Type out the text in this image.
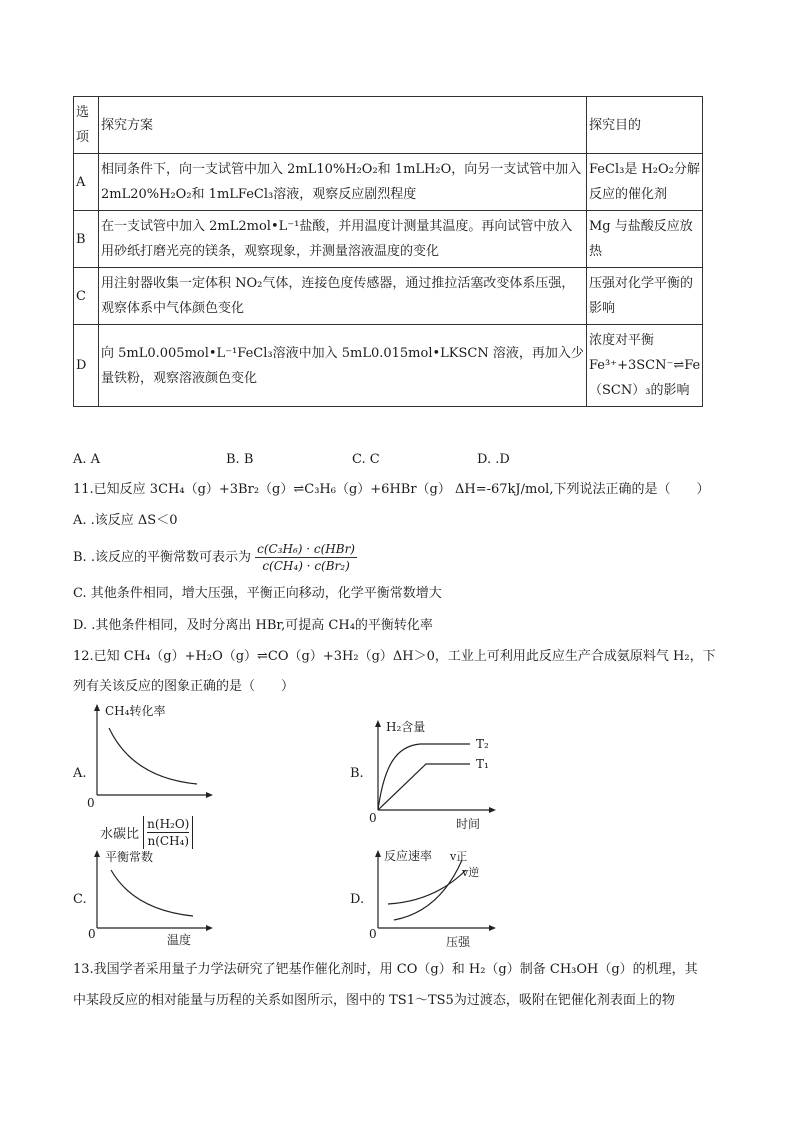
选项	探究方案	探究目的
A	相同条件下，向一支试管中加入 2mL10%H₂O₂和 1mLH₂O，向另一支试管中加入 2mL20%H₂O₂和 1mLFeCl₃溶液，观察反应剧烈程度	FeCl₃是 H₂O₂分解反应的催化剂
B	在一支试管中加入 2mL2mol•L⁻¹盐酸，并用温度计测量其温度。再向试管中放入用砂纸打磨光亮的镁条，观察现象，并测量溶液温度的变化	Mg 与盐酸反应放热
C	用注射器收集一定体积 NO₂气体，连接色度传感器，通过推拉活塞改变体系压强，观察体系中气体颜色变化	压强对化学平衡的影响
D	向 5mL0.005mol•L⁻¹FeCl₃溶液中加入 5mL0.015mol•LKSCN 溶液，再加入少量铁粉，观察溶液颜色变化	浓度对平衡 Fe³⁺+3SCN⁻⇌Fe（SCN）₃的影响
A. A	B. B	C. C	D. .D
11.已知反应 3CH₄（g）+3Br₂（g）⇌C₃H₆（g）+6HBr（g） ΔH=-67kJ/mol,下列说法正确的是（　　）
A. .该反应 ΔS＜0
B. .该反应的平衡常数可表示为 $\frac{\text{c(C₃H₆) · c(HBr)}}{\text{c(CH₄) · c(Br₂)}}$
C. 其他条件相同，增大压强，平衡正向移动，化学平衡常数增大
D. .其他条件相同，及时分离出 HBr,可提高 CH₄的平衡转化率
12.已知 CH₄（g）+H₂O（g）⇌CO（g）+3H₂（g）ΔH＞0，工业上可利用此反应生产合成氨原料气 H₂，下
列有关该反应的图象正确的是（　　）
A.
CH₄转化率
0
水碳比 $\frac{\text{n(H₂O)}}{\text{n(CH₄)}}$
B.
H₂含量
T₂
T₁
0	时间
C.
平衡常数
0	温度
D.
反应速率 v正
v逆
0
压强
13.我国学者采用量子力学法研究了钯基作催化剂时，用 CO（g）和 H₂（g）制备 CH₃OH（g）的机理，其
中某段反应的相对能量与历程的关系如图所示，图中的 TS1～TS5为过渡态，吸附在钯催化剂表面上的物
